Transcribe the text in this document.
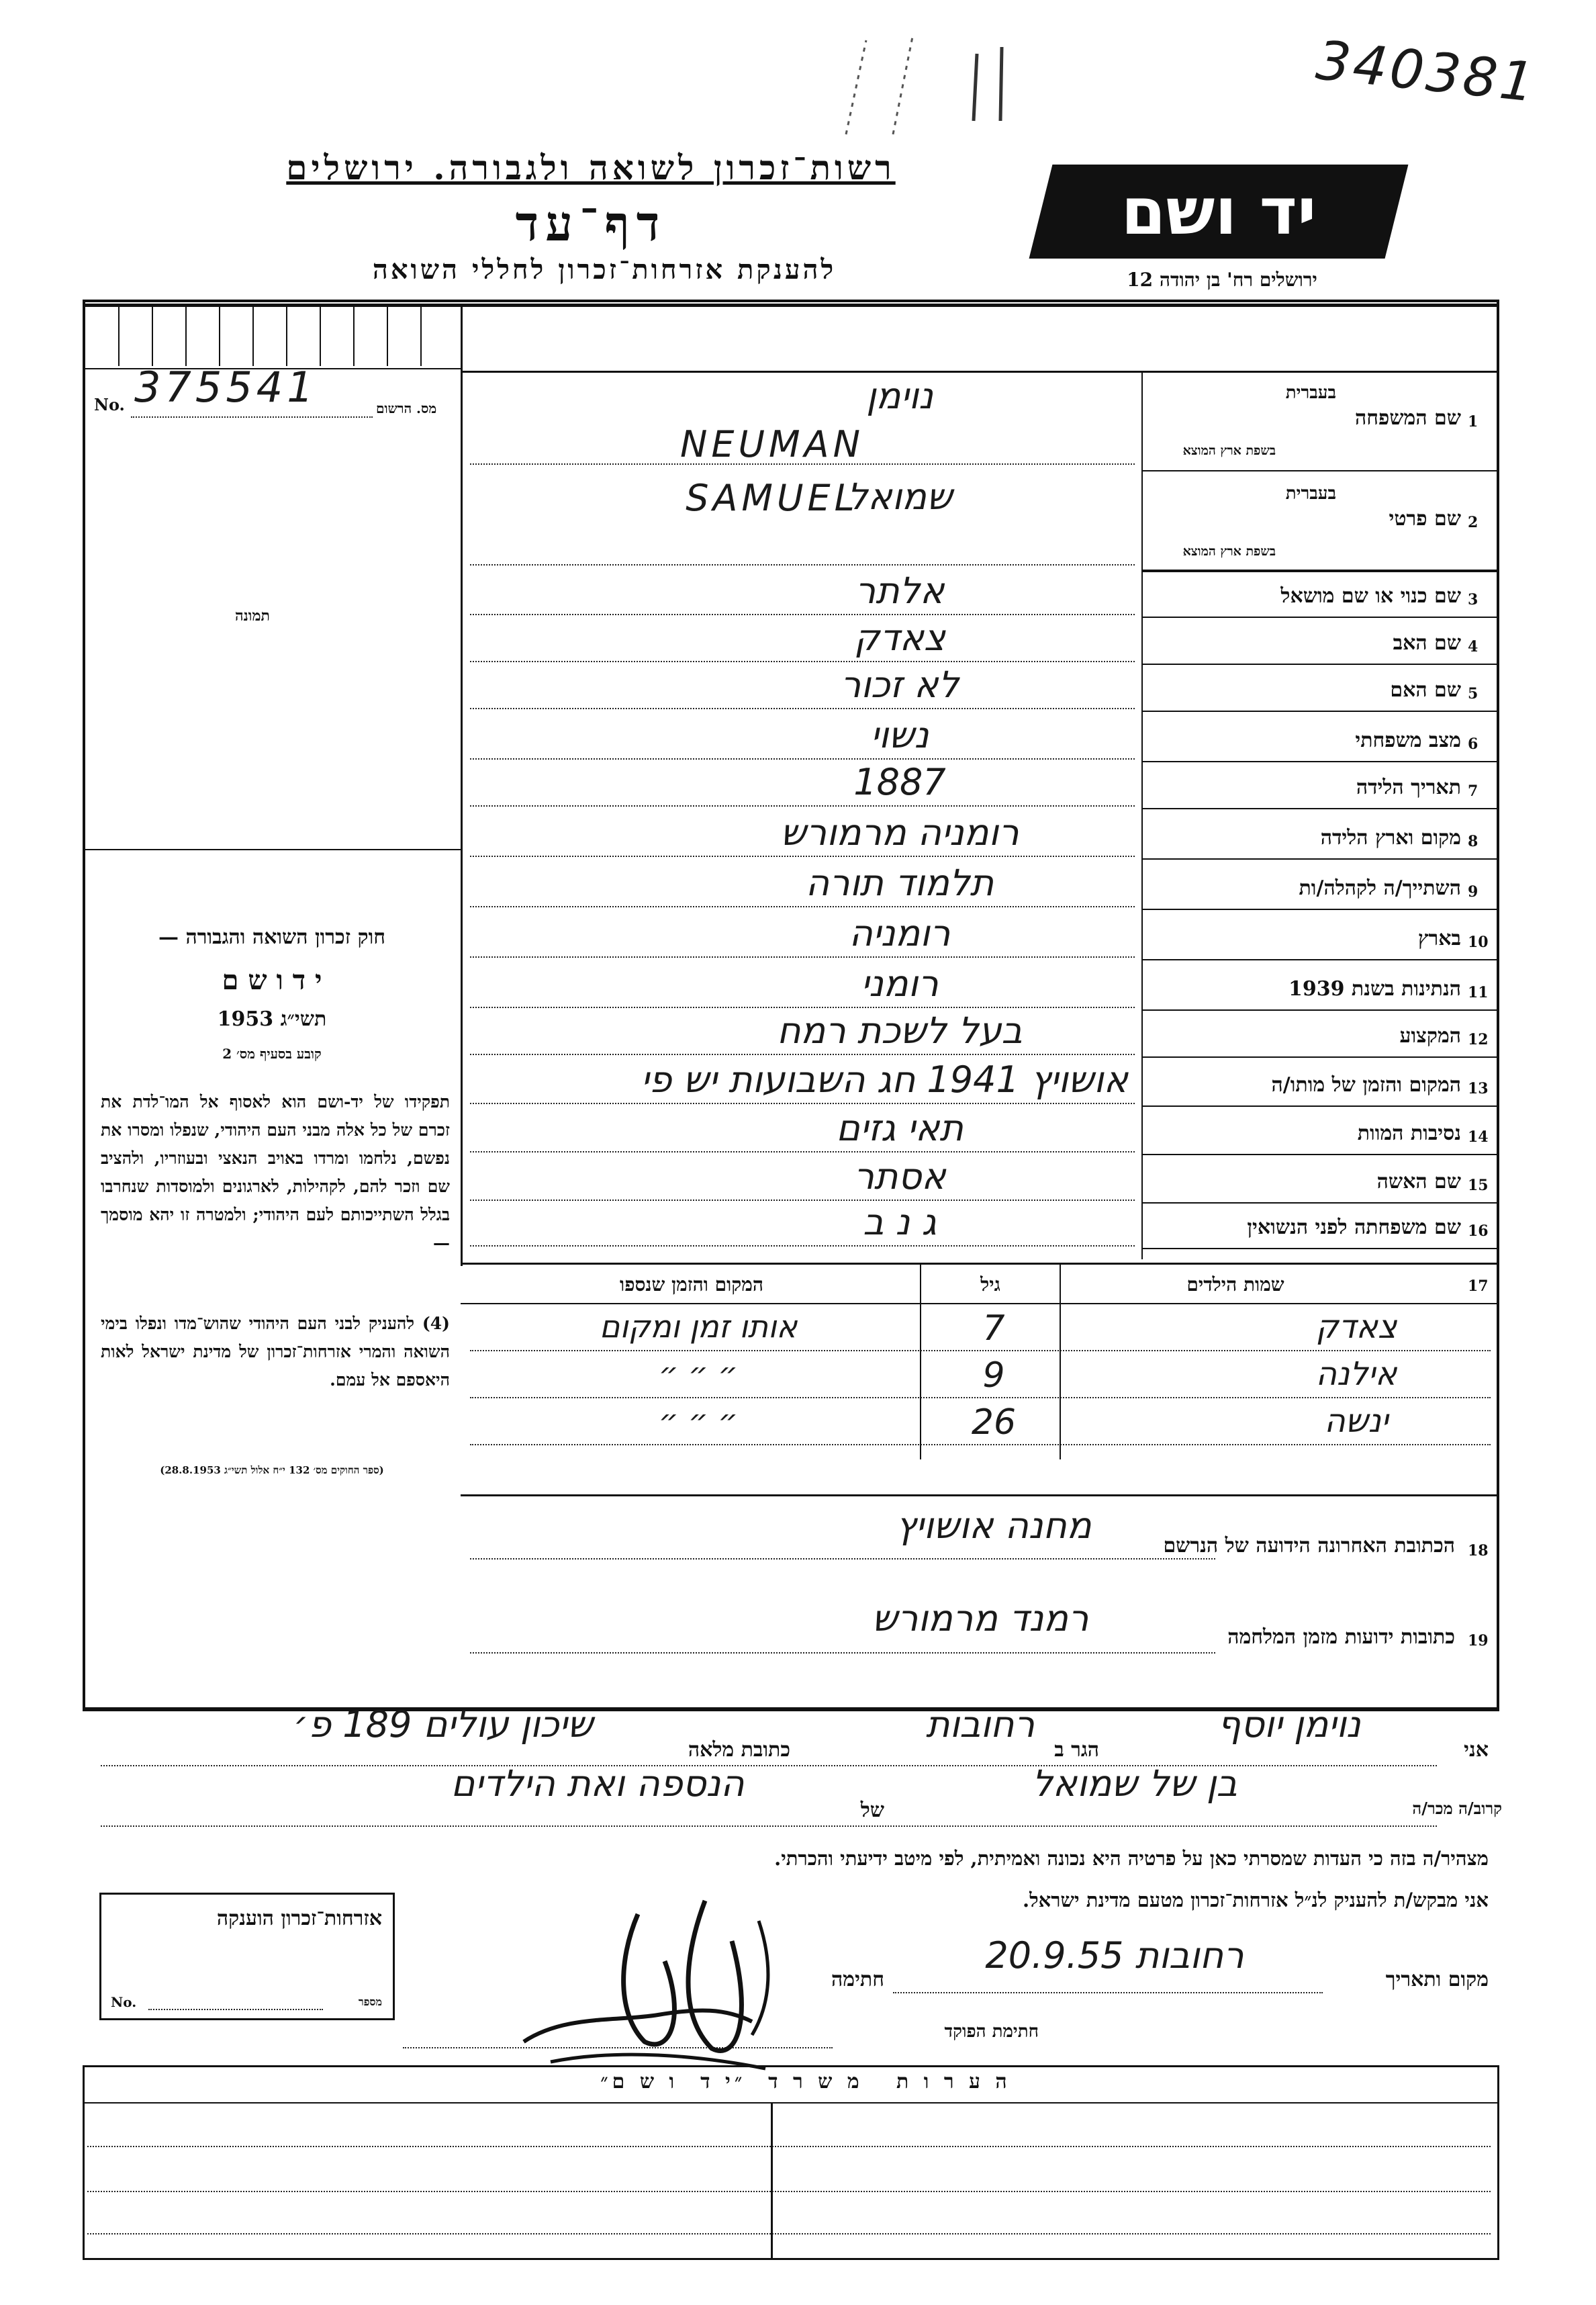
340381
רשות־זכרון לשואה ולגבורה. ירושלים
דף־עד
להענקת אזרחות־זכרון לחללי השואה
יד ושם
ירושלים רח' בן יהודה 12
No. 375541	מס. הרשום
תמונה
חוק זכרון השואה והגבורה —
י ד ו ש ם
תשי״ג 1953
קובע בסעיף מס׳ 2
תפקידו של יד-ושם הוא לאסוף אל המו־לדת את זכרם של כל אלה מבני העם היהודי, שנפלו ומסרו את נפשם, נלחמו ומרדו באויב הנאצי ובעוזריו, ולהציב שם וזכר להם, לקהילות, לארגונים ולמוסדות שנחרבו בגלל השתייכותם לעם היהודי; ולמטרה זו יהא מוסמך —
(4) להעניק לבני העם היהודי שהוש־מדו ונפלו בימי השואה והמרי אזרחות־זכרון של מדינת ישראל לאות היאספם אל עמם.
(ספר החוקים מס׳ 132 י״ח אלול תשי״ג 28.8.1953)
1
שם המשפחה
בעברית
בשפת ארץ המוצא
נוימן
NEUMAN
2
שם פרטי
בעברית
בשפת ארץ המוצא
שמואל
SAMUEL
3
שם כנוי או שם מושאל
אלתר
4
שם האב
צאדק
5
שם האם
לא זכור
6
מצב משפחתי
נשוי
7
תאריך הלידה
1887
8
מקום וארץ הלידה
רומניה מרמורש
9
השתייך/ה לקהלה/ות
תלמוד תורה
10
בארץ
רומניה
11
הנתינות בשנת 1939
רומני
12
המקצוע
בעל לשכת רמח
13
המקום והזמן של מותו/ה
אושויץ 1941 חג השבועות יש פי
14
נסיבות המוות
תאי גזים
15
שם האשה
אסתר
16
שם משפחתה לפני הנשואין
ג נ ב
17
שמות הילדים
גיל
המקום והזמן שנספו
צאדק
7
אותו זמן ומקום
אילנה
9
״ ״ ״
ינשה
26
״ ״ ״
18
הכתובת האחרונה הידועה של הנרשם
מחנה אושויץ
19
כתובות ידועות מזמן המלחמה
רמנד מרמורש
אני
נוימן יוסף
הגר ב
רחובות
כתובת מלאה
שיכון עולים 189 פ׳
קרוב/ה מכר/ה
בן של שמואל
של
הנספה ואת הילדים
מצהיר/ה בזה כי העדות שמסרתי כאן על פרטיה היא נכונה ואמיתית, לפי מיטב ידיעתי והכרתי.
אני מבקש/ת להעניק לנ״ל אזרחות־זכרון מטעם מדינת ישראל.
מקום ותאריך
רחובות 20.9.55
חתימה
חתימת הפוקד
אזרחות־זכרון הוענקה
No.	מספר
ה ע ר ו ת   מ ש ר ד  ״י ד  ו ש ם״
